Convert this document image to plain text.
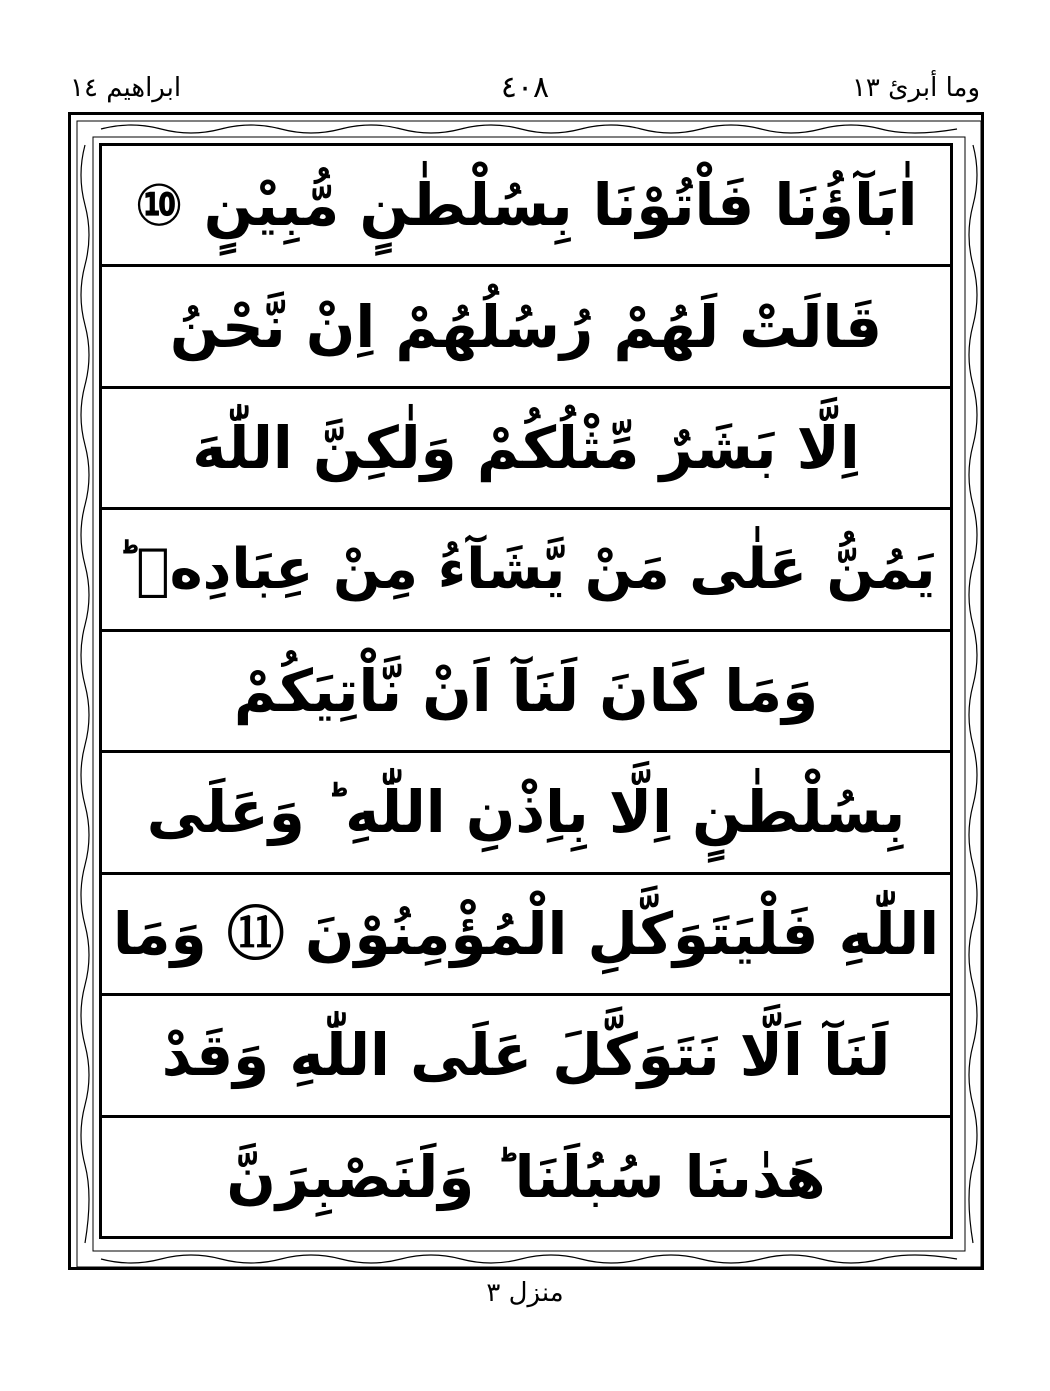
وما أبرئ ١٣
٤٠٨
ابراهيم ١٤
اٰبَآؤُنَا فَاْتُوْنَا بِسُلْطٰنٍ مُّبِيْنٍ ⑩
قَالَتْ لَهُمْ رُسُلُهُمْ اِنْ نَّحْنُ
اِلَّا بَشَرٌ مِّثْلُكُمْ وَلٰكِنَّ اللّٰهَ
يَمُنُّ عَلٰى مَنْ يَّشَآءُ مِنْ عِبَادِهٖ ؕ
وَمَا كَانَ لَنَآ اَنْ نَّاْتِيَكُمْ
بِسُلْطٰنٍ اِلَّا بِاِذْنِ اللّٰهِ ؕ وَعَلَى
اللّٰهِ فَلْيَتَوَكَّلِ الْمُؤْمِنُوْنَ ⑪ وَمَا
لَنَآ اَلَّا نَتَوَكَّلَ عَلَى اللّٰهِ وَقَدْ
هَدٰىنَا سُبُلَنَا ؕ وَلَنَصْبِرَنَّ
منزل ٣
